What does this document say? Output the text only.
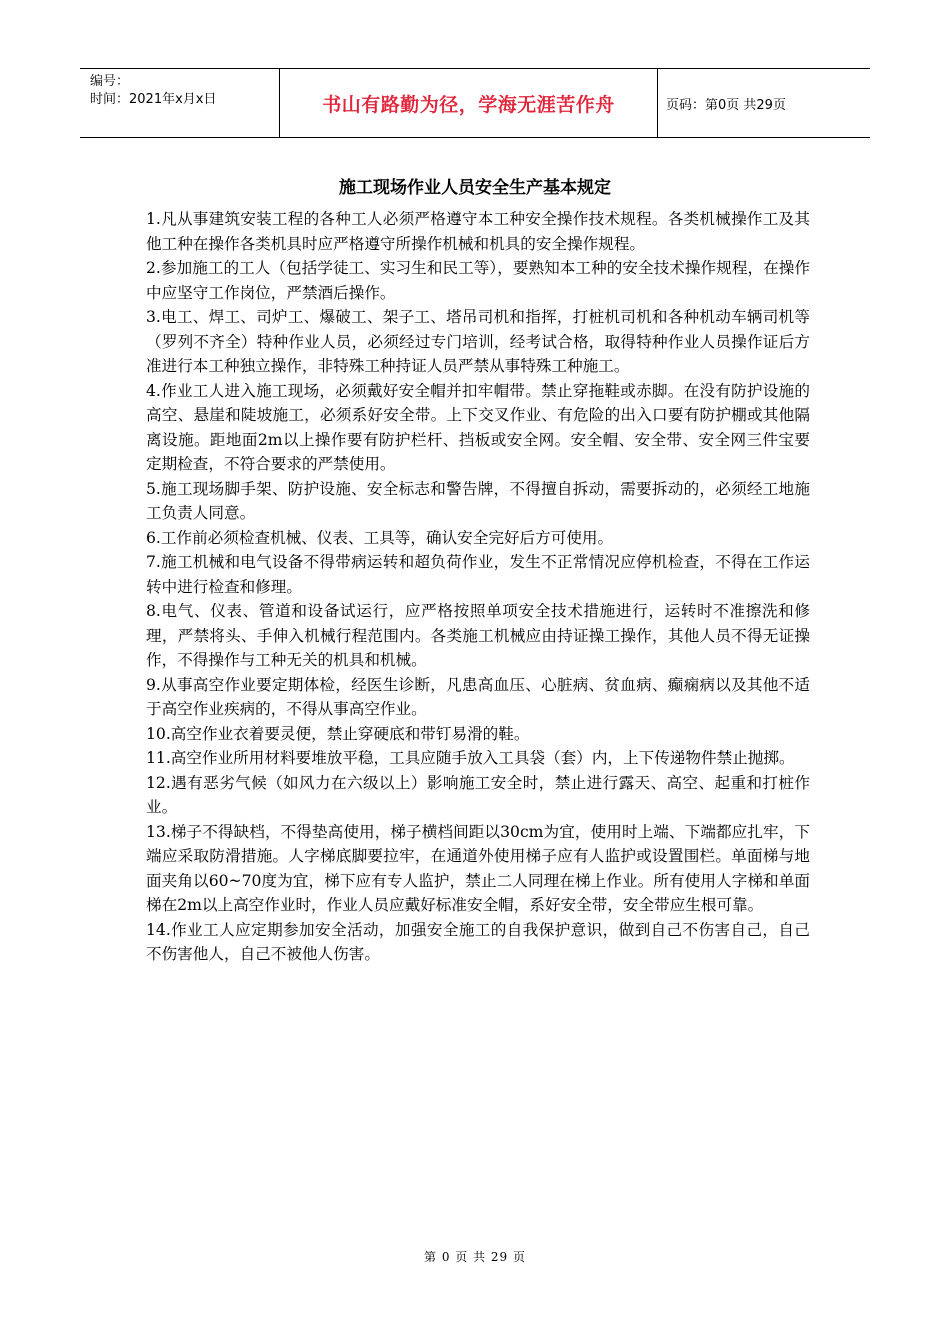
编号：
时间：2021年x月x日	书山有路勤为径，学海无涯苦作舟	页码：第0页 共29页
施工现场作业人员安全生产基本规定

1.凡从事建筑安装工程的各种工人必须严格遵守本工种安全操作技术规程。各类机械操作工及其他工种在操作各类机具时应严格遵守所操作机械和机具的安全操作规程。

2.参加施工的工人（包括学徒工、实习生和民工等），要熟知本工种的安全技术操作规程，在操作中应坚守工作岗位，严禁酒后操作。

3.电工、焊工、司炉工、爆破工、架子工、塔吊司机和指挥，打桩机司机和各种机动车辆司机等（罗列不齐全）特种作业人员，必须经过专门培训，经考试合格，取得特种作业人员操作证后方准进行本工种独立操作，非特殊工种持证人员严禁从事特殊工种施工。

4.作业工人进入施工现场，必须戴好安全帽并扣牢帽带。禁止穿拖鞋或赤脚。在没有防护设施的高空、悬崖和陡坡施工，必须系好安全带。上下交叉作业、有危险的出入口要有防护棚或其他隔离设施。距地面2m以上操作要有防护栏杆、挡板或安全网。安全帽、安全带、安全网三件宝要定期检查，不符合要求的严禁使用。

5.施工现场脚手架、防护设施、安全标志和警告牌，不得擅自拆动，需要拆动的，必须经工地施工负责人同意。

6.工作前必须检查机械、仪表、工具等，确认安全完好后方可使用。

7.施工机械和电气设备不得带病运转和超负荷作业，发生不正常情况应停机检查，不得在工作运转中进行检查和修理。

8.电气、仪表、管道和设备试运行，应严格按照单项安全技术措施进行，运转时不准擦洗和修理，严禁将头、手伸入机械行程范围内。各类施工机械应由持证操工操作，其他人员不得无证操作，不得操作与工种无关的机具和机械。

9.从事高空作业要定期体检，经医生诊断，凡患高血压、心脏病、贫血病、癫痫病以及其他不适于高空作业疾病的，不得从事高空作业。

10.高空作业衣着要灵便，禁止穿硬底和带钉易滑的鞋。

11.高空作业所用材料要堆放平稳，工具应随手放入工具袋（套）内，上下传递物件禁止抛掷。

12.遇有恶劣气候（如风力在六级以上）影响施工安全时，禁止进行露天、高空、起重和打桩作业。

13.梯子不得缺档，不得垫高使用，梯子横档间距以30cm为宜，使用时上端、下端都应扎牢，下端应采取防滑措施。人字梯底脚要拉牢，在通道外使用梯子应有人监护或设置围栏。单面梯与地面夹角以60~70度为宜，梯下应有专人监护，禁止二人同理在梯上作业。所有使用人字梯和单面梯在2m以上高空作业时，作业人员应戴好标准安全帽，系好安全带，安全带应生根可靠。

14.作业工人应定期参加安全活动，加强安全施工的自我保护意识，做到自己不伤害自己，自己不伤害他人，自己不被他人伤害。

第 0 页 共 29 页
